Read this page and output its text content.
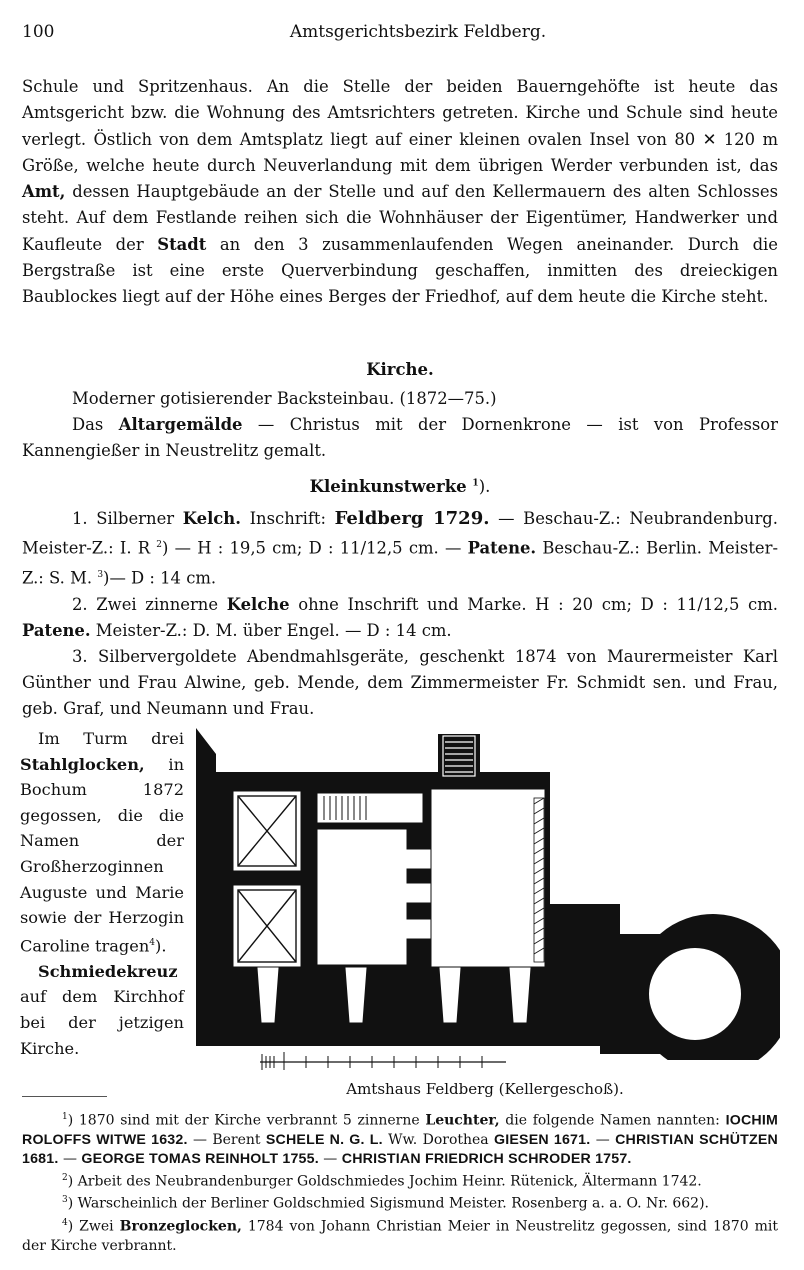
100	Amtsgerichtsbezirk Feldberg.

Schule und Spritzenhaus. An die Stelle der beiden Bauerngehöfte ist heute das Amtsgericht bzw. die Wohnung des Amtsrichters getreten. Kirche und Schule sind heute verlegt. Östlich von dem Amtsplatz liegt auf einer kleinen ovalen Insel von 80 ✕ 120 m Größe, welche heute durch Neuverlandung mit dem übrigen Werder verbunden ist, das Amt, dessen Hauptgebäude an der Stelle und auf den Kellermauern des alten Schlosses steht. Auf dem Festlande reihen sich die Wohnhäuser der Eigentümer, Handwerker und Kaufleute der Stadt an den 3 zusammenlaufenden Wegen aneinander. Durch die Bergstraße ist eine erste Querverbindung geschaffen, inmitten des dreieckigen Baublockes liegt auf der Höhe eines Berges der Friedhof, auf dem heute die Kirche steht.

Kirche.

Moderner gotisierender Backsteinbau. (1872—75.)

Das Altargemälde — Christus mit der Dornenkrone — ist von Professor Kannengießer in Neustrelitz gemalt.

Kleinkunstwerke $^1$).

1. Silberner Kelch. Inschrift: Feldberg 1729. — Beschau-Z.: Neubrandenburg. Meister-Z.: I. R $^2$) — H : 19,5 cm; D : 11/12,5 cm. — Patene. Beschau-Z.: Berlin. Meister-Z.: S. M. $^3$)— D : 14 cm.

2. Zwei zinnerne Kelche ohne Inschrift und Marke. H : 20 cm; D : 11/12,5 cm. Patene. Meister-Z.: D. M. über Engel. — D : 14 cm.

3. Silbervergoldete Abendmahlsgeräte, geschenkt 1874 von Maurermeister Karl Günther und Frau Alwine, geb. Mende, dem Zimmermeister Fr. Schmidt sen. und Frau, geb. Graf, und Neumann und Frau.

Im Turm drei Stahlglocken, in Bochum 1872 gegossen, die die Namen der Großherzoginnen Auguste und Marie sowie der Herzogin Caroline tragen$^4$).

Schmiedekreuz auf dem Kirchhof bei der jetzigen Kirche.

Amtshaus Feldberg (Kellergeschoß).

$^1$) 1870 sind mit der Kirche verbrannt 5 zinnerne Leuchter, die folgende Namen nannten: IOCHIM ROLOFFS WITWE 1632. — Berent SCHELE N. G. L. Ww. Dorothea GIESEN 1671. — CHRISTIAN SCHÜTZEN 1681. — GEORGE TOMAS REINHOLT 1755. — CHRISTIAN FRIEDRICH SCHRODER 1757.

$^2$) Arbeit des Neubrandenburger Goldschmiedes Jochim Heinr. Rütenick, Ältermann 1742.

$^3$) Warscheinlich der Berliner Goldschmied Sigismund Meister. Rosenberg a. a. O. Nr. 662).

$^4$) Zwei Bronzeglocken, 1784 von Johann Christian Meier in Neustrelitz gegossen, sind 1870 mit der Kirche verbrannt.
